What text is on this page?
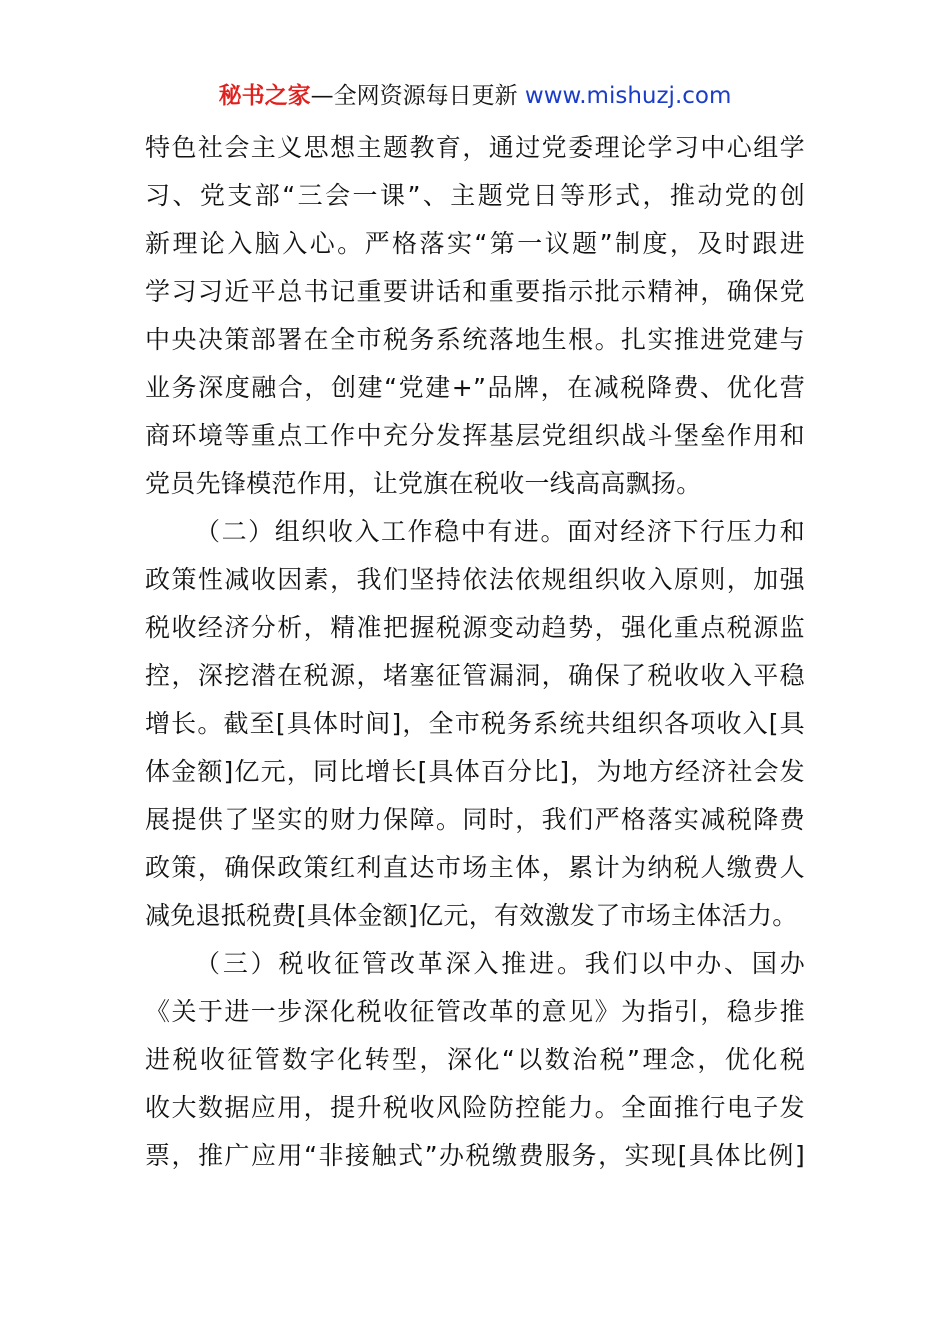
秘书之家—全网资源每日更新 www.mishuzj.com
特色社会主义思想主题教育，通过党委理论学习中心组学
习、党支部“三会一课”、主题党日等形式，推动党的创
新理论入脑入心。严格落实“第一议题”制度，及时跟进
学习习近平总书记重要讲话和重要指示批示精神，确保党
中央决策部署在全市税务系统落地生根。扎实推进党建与
业务深度融合，创建“党建+”品牌，在减税降费、优化营
商环境等重点工作中充分发挥基层党组织战斗堡垒作用和
党员先锋模范作用，让党旗在税收一线高高飘扬。
（二）组织收入工作稳中有进。面对经济下行压力和
政策性减收因素，我们坚持依法依规组织收入原则，加强
税收经济分析，精准把握税源变动趋势，强化重点税源监
控，深挖潜在税源，堵塞征管漏洞，确保了税收收入平稳
增长。截至[具体时间]，全市税务系统共组织各项收入[具
体金额]亿元，同比增长[具体百分比]，为地方经济社会发
展提供了坚实的财力保障。同时，我们严格落实减税降费
政策，确保政策红利直达市场主体，累计为纳税人缴费人
减免退抵税费[具体金额]亿元，有效激发了市场主体活力。
（三）税收征管改革深入推进。我们以中办、国办
《关于进一步深化税收征管改革的意见》为指引，稳步推
进税收征管数字化转型，深化“以数治税”理念，优化税
收大数据应用，提升税收风险防控能力。全面推行电子发
票，推广应用“非接触式”办税缴费服务，实现[具体比例]
